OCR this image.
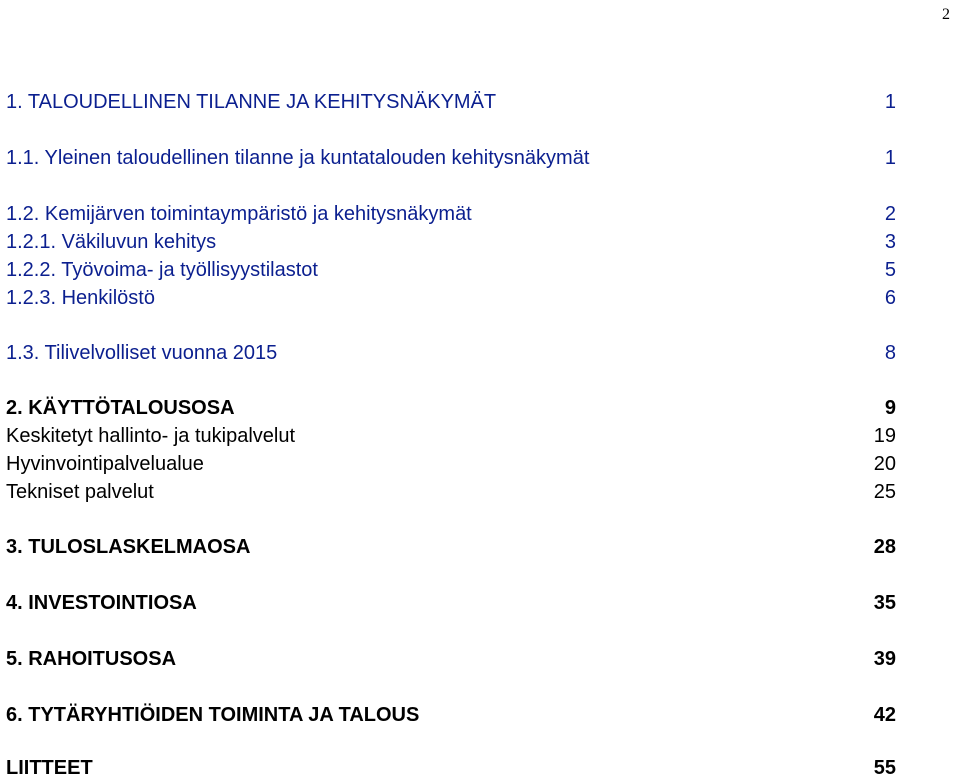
2
1. TALOUDELLINEN TILANNE JA KEHITYSNÄKYMÄT	1
1.1. Yleinen taloudellinen tilanne ja kuntatalouden kehitysnäkymät	1
1.2. Kemijärven toimintaympäristö ja kehitysnäkymät	2
1.2.1. Väkiluvun kehitys	3
1.2.2. Työvoima- ja työllisyystilastot	5
1.2.3. Henkilöstö	6
1.3. Tilivelvolliset vuonna 2015	8
2. KÄYTTÖTALOUSOSA	9
Keskitetyt hallinto- ja tukipalvelut	19
Hyvinvointipalvelualue	20
Tekniset palvelut	25
3. TULOSLASKELMAOSA	28
4. INVESTOINTIOSA	35
5. RAHOITUSOSA	39
6. TYTÄRYHTIÖIDEN TOIMINTA JA TALOUS	42
LIITTEET	55
